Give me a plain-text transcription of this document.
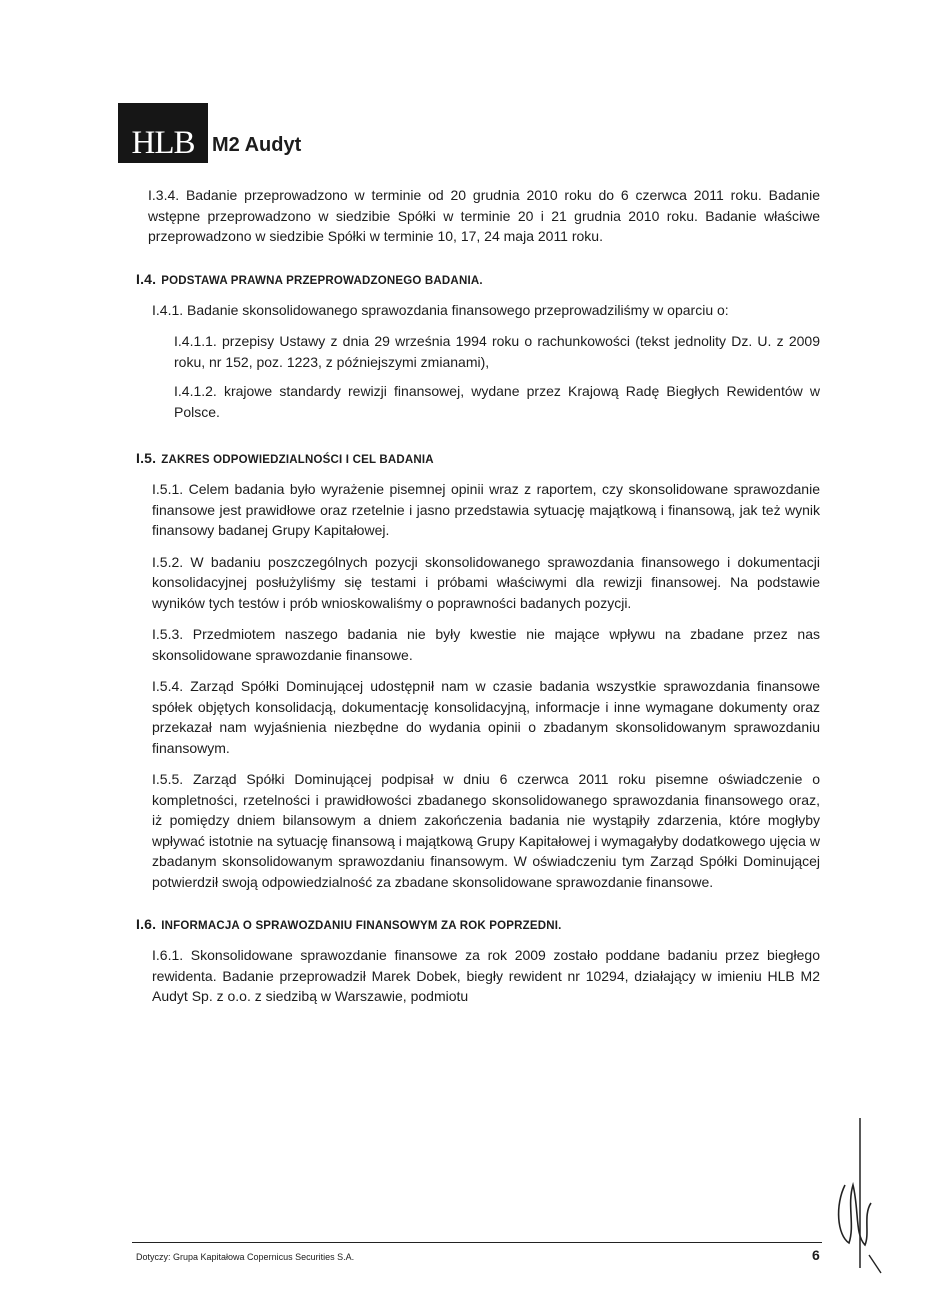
HLB M2 Audyt

I.3.4. Badanie przeprowadzono w terminie od 20 grudnia 2010 roku do 6 czerwca 2011 roku. Badanie wstępne przeprowadzono w siedzibie Spółki w terminie 20 i 21 grudnia 2010 roku. Badanie właściwe przeprowadzono w siedzibie Spółki w terminie 10, 17, 24 maja 2011 roku.

I.4. PODSTAWA PRAWNA PRZEPROWADZONEGO BADANIA.

I.4.1. Badanie skonsolidowanego sprawozdania finansowego przeprowadziliśmy w oparciu o:

I.4.1.1. przepisy Ustawy z dnia 29 września 1994 roku o rachunkowości (tekst jednolity Dz. U. z 2009 roku, nr 152, poz. 1223, z późniejszymi zmianami),

I.4.1.2. krajowe standardy rewizji finansowej, wydane przez Krajową Radę Biegłych Rewidentów w Polsce.

I.5. ZAKRES ODPOWIEDZIALNOŚCI I CEL BADANIA

I.5.1. Celem badania było wyrażenie pisemnej opinii wraz z raportem, czy skonsolidowane sprawozdanie finansowe jest prawidłowe oraz rzetelnie i jasno przedstawia sytuację majątkową i finansową, jak też wynik finansowy badanej Grupy Kapitałowej.

I.5.2. W badaniu poszczególnych pozycji skonsolidowanego sprawozdania finansowego i dokumentacji konsolidacyjnej posłużyliśmy się testami i próbami właściwymi dla rewizji finansowej. Na podstawie wyników tych testów i prób wnioskowaliśmy o poprawności badanych pozycji.

I.5.3. Przedmiotem naszego badania nie były kwestie nie mające wpływu na zbadane przez nas skonsolidowane sprawozdanie finansowe.

I.5.4. Zarząd Spółki Dominującej udostępnił nam w czasie badania wszystkie sprawozdania finansowe spółek objętych konsolidacją, dokumentację konsolidacyjną, informacje i inne wymagane dokumenty oraz przekazał nam wyjaśnienia niezbędne do wydania opinii o zbadanym skonsolidowanym sprawozdaniu finansowym.

I.5.5. Zarząd Spółki Dominującej podpisał w dniu 6 czerwca 2011 roku pisemne oświadczenie o kompletności, rzetelności i prawidłowości zbadanego skonsolidowanego sprawozdania finansowego oraz, iż pomiędzy dniem bilansowym a dniem zakończenia badania nie wystąpiły zdarzenia, które mogłyby wpływać istotnie na sytuację finansową i majątkową Grupy Kapitałowej i wymagałyby dodatkowego ujęcia w zbadanym skonsolidowanym sprawozdaniu finansowym. W oświadczeniu tym Zarząd Spółki Dominującej potwierdził swoją odpowiedzialność za zbadane skonsolidowane sprawozdanie finansowe.

I.6. INFORMACJA O SPRAWOZDANIU FINANSOWYM ZA ROK POPRZEDNI.

I.6.1. Skonsolidowane sprawozdanie finansowe za rok 2009 zostało poddane badaniu przez biegłego rewidenta. Badanie przeprowadził Marek Dobek, biegły rewident nr 10294, działający w imieniu HLB M2 Audyt Sp. z o.o. z siedzibą w Warszawie, podmiotu

Dotyczy: Grupa Kapitałowa Copernicus Securities S.A.	6
